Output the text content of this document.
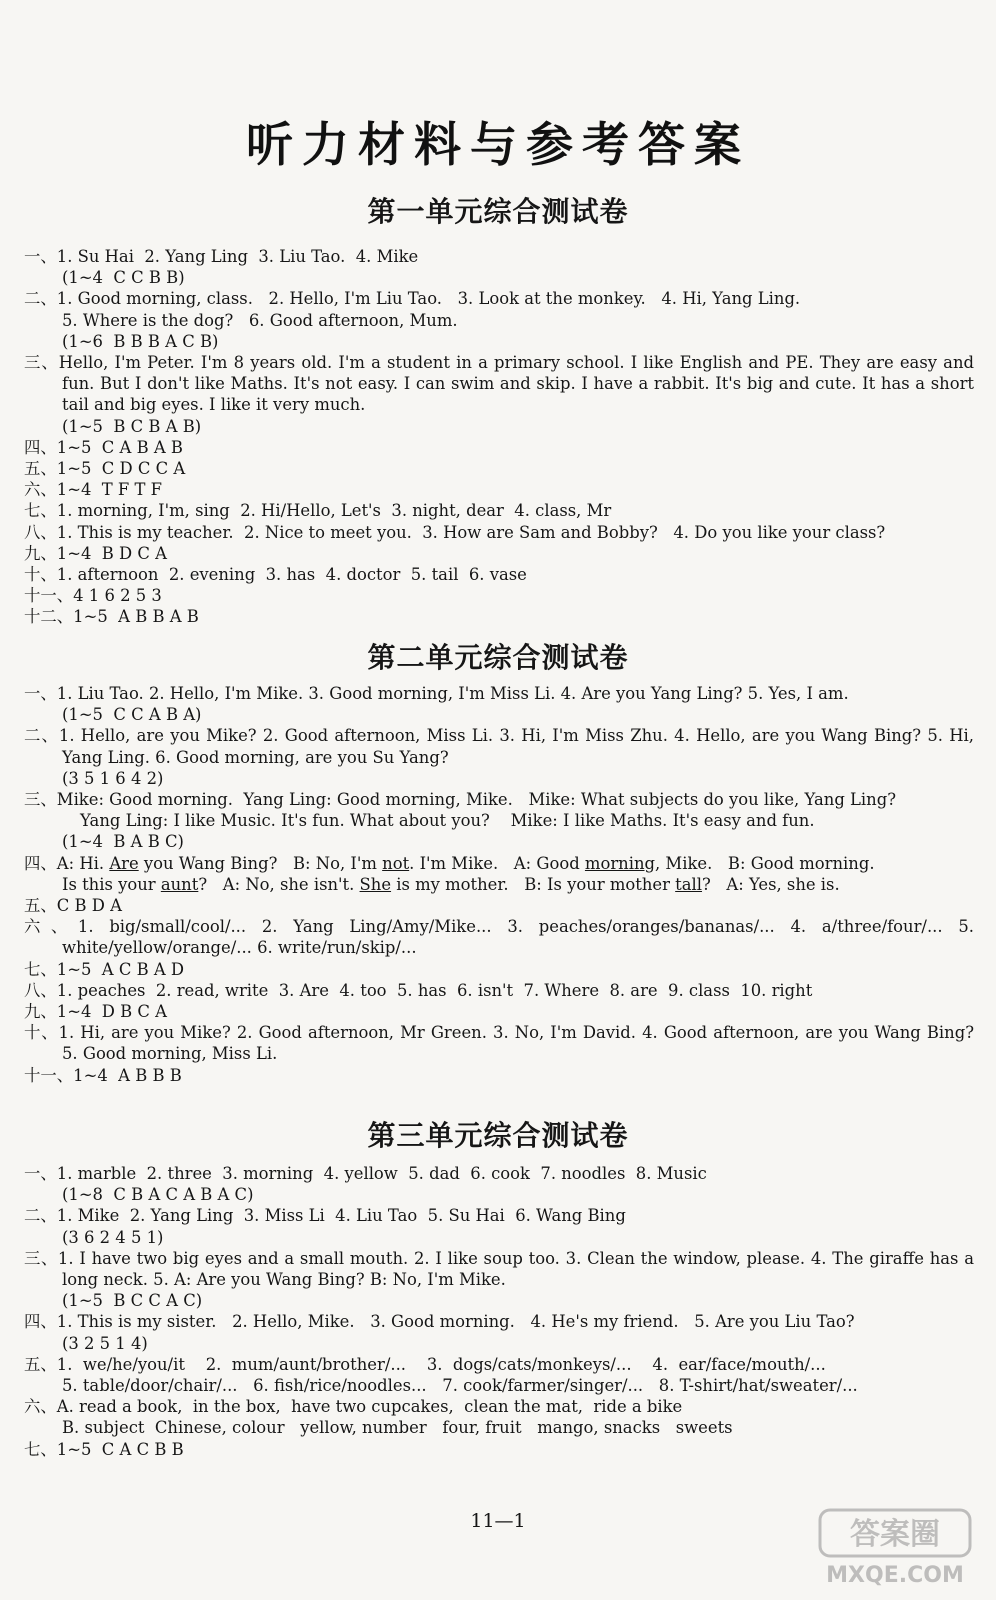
听力材料与参考答案
第一单元综合测试卷
一、1. Su Hai  2. Yang Ling  3. Liu Tao.  4. Mike
(1~4  C C B B)
二、1. Good morning, class.   2. Hello, I'm Liu Tao.   3. Look at the monkey.   4. Hi, Yang Ling.
5. Where is the dog?   6. Good afternoon, Mum.
(1~6  B B B A C B)
三、Hello, I'm Peter. I'm 8 years old. I'm a student in a primary school. I like English and PE. They are easy and fun. But I don't like Maths. It's not easy. I can swim and skip. I have a rabbit. It's big and cute. It has a short tail and big eyes. I like it very much.
(1~5  B C B A B)
四、1~5  C A B A B
五、1~5  C D C C A
六、1~4  T F T F
七、1. morning, I'm, sing  2. Hi/Hello, Let's  3. night, dear  4. class, Mr
八、1. This is my teacher.  2. Nice to meet you.  3. How are Sam and Bobby?   4. Do you like your class?
九、1~4  B D C A
十、1. afternoon  2. evening  3. has  4. doctor  5. tail  6. vase
十一、4 1 6 2 5 3
十二、1~5  A B B A B
第二单元综合测试卷
一、1. Liu Tao. 2. Hello, I'm Mike. 3. Good morning, I'm Miss Li. 4. Are you Yang Ling? 5. Yes, I am.
(1~5  C C A B A)
二、1. Hello, are you Mike? 2. Good afternoon, Miss Li. 3. Hi, I'm Miss Zhu. 4. Hello, are you Wang Bing? 5. Hi, Yang Ling. 6. Good morning, are you Su Yang?
(3 5 1 6 4 2)
三、Mike: Good morning.  Yang Ling: Good morning, Mike.   Mike: What subjects do you like, Yang Ling?
Yang Ling: I like Music. It's fun. What about you?    Mike: I like Maths. It's easy and fun.
(1~4  B A B C)
四、A: Hi. Are you Wang Bing?   B: No, I'm not. I'm Mike.   A: Good morning, Mike.   B: Good morning.
Is this your aunt?   A: No, she isn't. She is my mother.   B: Is your mother tall?   A: Yes, she is.
五、C B D A
六、1. big/small/cool/... 2. Yang Ling/Amy/Mike... 3. peaches/oranges/bananas/... 4. a/three/four/... 5. white/yellow/orange/... 6. write/run/skip/...
七、1~5  A C B A D
八、1. peaches  2. read, write  3. Are  4. too  5. has  6. isn't  7. Where  8. are  9. class  10. right
九、1~4  D B C A
十、1. Hi, are you Mike? 2. Good afternoon, Mr Green. 3. No, I'm David. 4. Good afternoon, are you Wang Bing? 5. Good morning, Miss Li.
十一、1~4  A B B B
第三单元综合测试卷
一、1. marble  2. three  3. morning  4. yellow  5. dad  6. cook  7. noodles  8. Music
(1~8  C B A C A B A C)
二、1. Mike  2. Yang Ling  3. Miss Li  4. Liu Tao  5. Su Hai  6. Wang Bing
(3 6 2 4 5 1)
三、1. I have two big eyes and a small mouth. 2. I like soup too. 3. Clean the window, please. 4. The giraffe has a long neck. 5. A: Are you Wang Bing? B: No, I'm Mike.
(1~5  B C C A C)
四、1. This is my sister.   2. Hello, Mike.   3. Good morning.   4. He's my friend.   5. Are you Liu Tao?
(3 2 5 1 4)
五、1.  we/he/you/it    2.  mum/aunt/brother/...    3.  dogs/cats/monkeys/...    4.  ear/face/mouth/...
5. table/door/chair/...   6. fish/rice/noodles...   7. cook/farmer/singer/...   8. T-shirt/hat/sweater/...
六、A. read a book,  in the box,  have two cupcakes,  clean the mat,  ride a bike
B. subject  Chinese, colour   yellow, number   four, fruit   mango, snacks   sweets
七、1~5  C A C B B
11—1	答案圈
MXQE.COM
